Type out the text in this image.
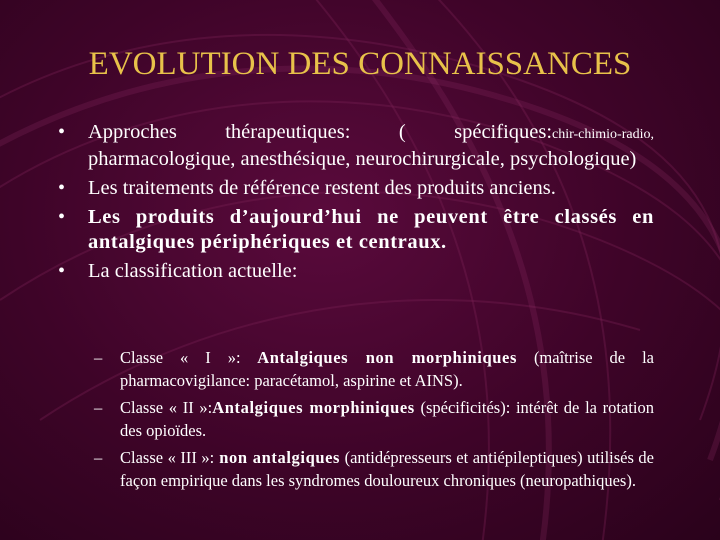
EVOLUTION DES CONNAISSANCES
•	Approches thérapeutiques: ( spécifiques:chir-chimio-radio, pharmacologique, anesthésique, neurochirurgicale, psychologique)
•	Les traitements de référence restent des produits anciens.
•	Les produits d’aujourd’hui ne peuvent être classés en antalgiques périphériques et centraux.
•	La classification actuelle:
–	Classe « I »: Antalgiques non morphiniques (maîtrise de la pharmacovigilance: paracétamol, aspirine et AINS).
–	Classe « II »:Antalgiques morphiniques (spécificités): intérêt de la rotation des opioïdes.
–	Classe « III »: non antalgiques (antidépresseurs et antiépileptiques) utilisés de façon empirique dans les syndromes douloureux chroniques (neuropathiques).
